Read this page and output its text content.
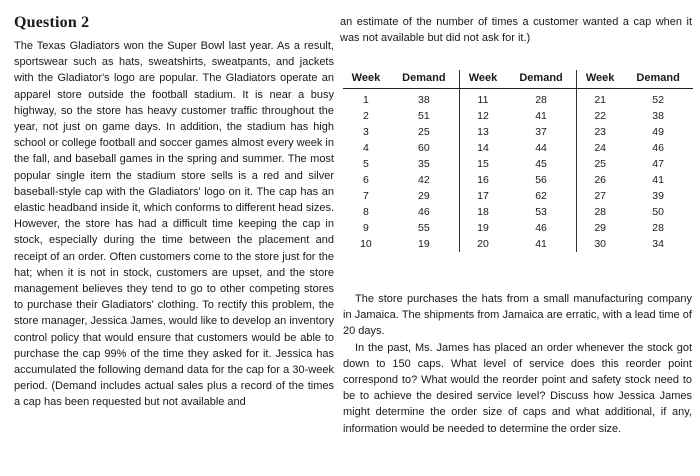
Question 2

The Texas Gladiators won the Super Bowl last year. As a result, sportswear such as hats, sweatshirts, sweatpants, and jackets with the Gladiator's logo are popular. The Gladiators operate an apparel store outside the football stadium. It is near a busy highway, so the store has heavy customer traffic throughout the year, not just on game days. In addition, the stadium has high school or college football and soccer games almost every week in the fall, and baseball games in the spring and summer. The most popular single item the stadium store sells is a red and silver baseball-style cap with the Gladiators' logo on it. The cap has an elastic headband inside it, which conforms to different head sizes. However, the store has had a difficult time keeping the cap in stock, especially during the time between the placement and receipt of an order. Often customers come to the store just for the hat; when it is not in stock, customers are upset, and the store management believes they tend to go to other competing stores to purchase their Gladiators' clothing. To rectify this problem, the store manager, Jessica James, would like to develop an inventory control policy that would ensure that customers would be able to purchase the cap 99% of the time they asked for it. Jessica has accumulated the following demand data for the cap for a 30-week period. (Demand includes actual sales plus a record of the times a cap has been requested but not available and

an estimate of the number of times a customer wanted a cap when it was not available but did not ask for it.)

Week	Demand	Week	Demand	Week	Demand
1	38	11	28	21	52
2	51	12	41	22	38
3	25	13	37	23	49
4	60	14	44	24	46
5	35	15	45	25	47
6	42	16	56	26	41
7	29	17	62	27	39
8	46	18	53	28	50
9	55	19	46	29	28
10	19	20	41	30	34

The store purchases the hats from a small manufacturing company in Jamaica. The shipments from Jamaica are erratic, with a lead time of 20 days.

In the past, Ms. James has placed an order whenever the stock got down to 150 caps. What level of service does this reorder point correspond to? What would the reorder point and safety stock need to be to achieve the desired service level? Discuss how Jessica James might determine the order size of caps and what additional, if any, information would be needed to determine the order size.
